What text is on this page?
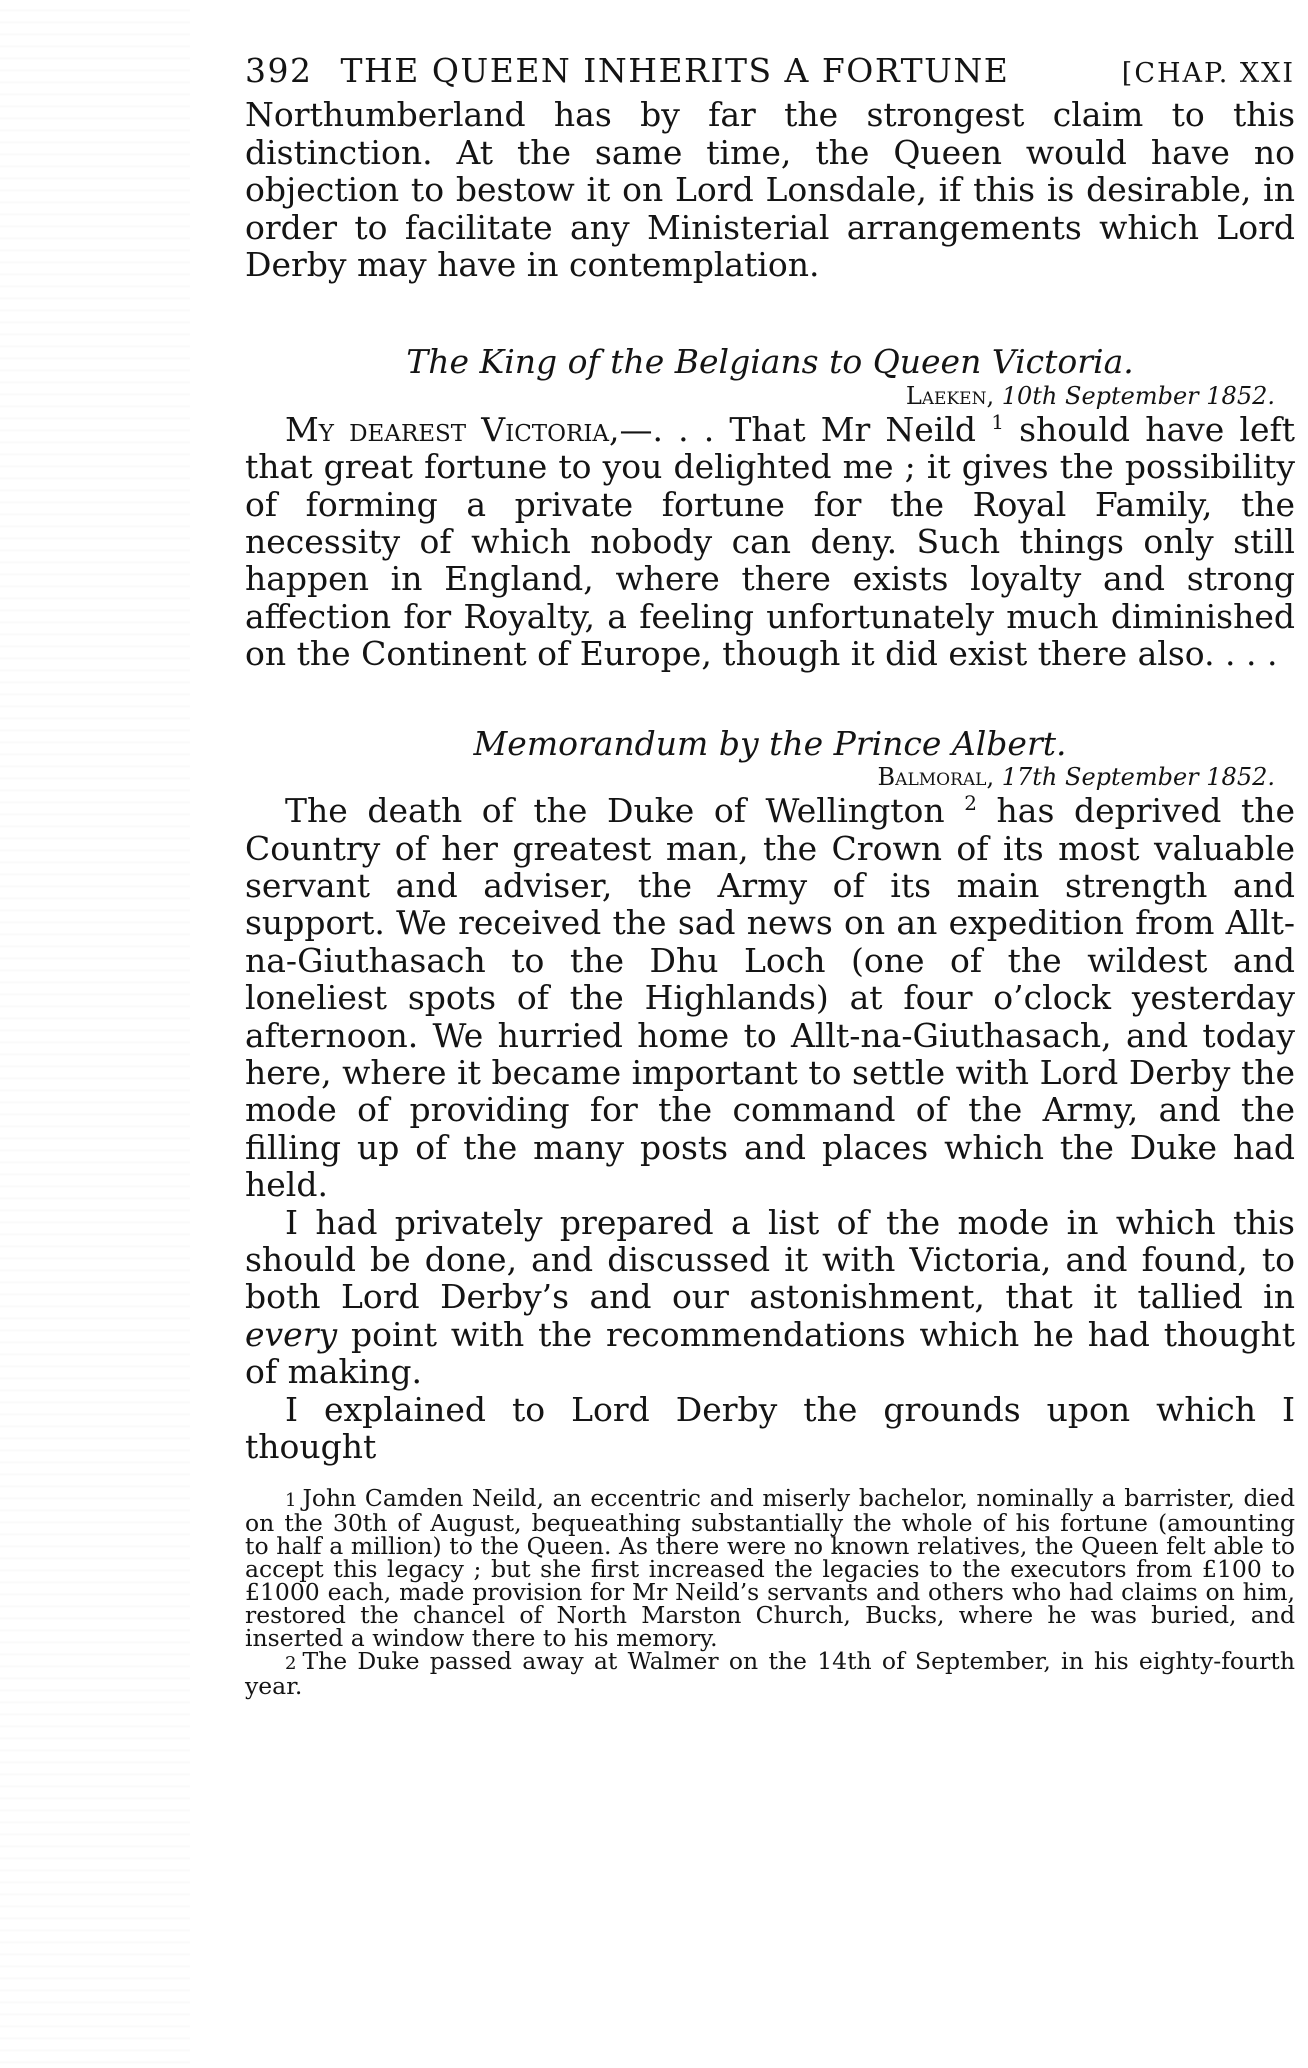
392 THE QUEEN INHERITS A FORTUNE	[CHAP. XXI

Northumberland has by far the strongest claim to this distinction. At the same time, the Queen would have no objection to bestow it on Lord Lonsdale, if this is desirable, in order to facilitate any Ministerial arrangements which Lord Derby may have in contemplation.

The King of the Belgians to Queen Victoria.

Laeken, 10th September 1852.

My dearest Victoria,—. . . That Mr Neild $^1$ should have left that great fortune to you delighted me ; it gives the possibility of forming a private fortune for the Royal Family, the necessity of which nobody can deny. Such things only still happen in England, where there exists loyalty and strong affection for Royalty, a feeling unfortunately much diminished on the Continent of Europe, though it did exist there also. . . .

Memorandum by the Prince Albert.

Balmoral, 17th September 1852.

The death of the Duke of Wellington $^2$ has deprived the Country of her greatest man, the Crown of its most valuable servant and adviser, the Army of its main strength and support. We received the sad news on an expedition from Allt-na-Giuthasach to the Dhu Loch (one of the wildest and loneliest spots of the Highlands) at four o’clock yesterday afternoon. We hurried home to Allt-na-Giuthasach, and today here, where it became important to settle with Lord Derby the mode of providing for the command of the Army, and the filling up of the many posts and places which the Duke had held.

I had privately prepared a list of the mode in which this should be done, and discussed it with Victoria, and found, to both Lord Derby’s and our astonishment, that it tallied in every point with the recommendations which he had thought of making.

I explained to Lord Derby the grounds upon which I thought

1 John Camden Neild, an eccentric and miserly bachelor, nominally a barrister, died on the 30th of August, bequeathing substantially the whole of his fortune (amounting to half a million) to the Queen. As there were no known relatives, the Queen felt able to accept this legacy ; but she first increased the legacies to the executors from £100 to £1000 each, made provision for Mr Neild’s servants and others who had claims on him, restored the chancel of North Marston Church, Bucks, where he was buried, and inserted a window there to his memory.

2 The Duke passed away at Walmer on the 14th of September, in his eighty-fourth year.
